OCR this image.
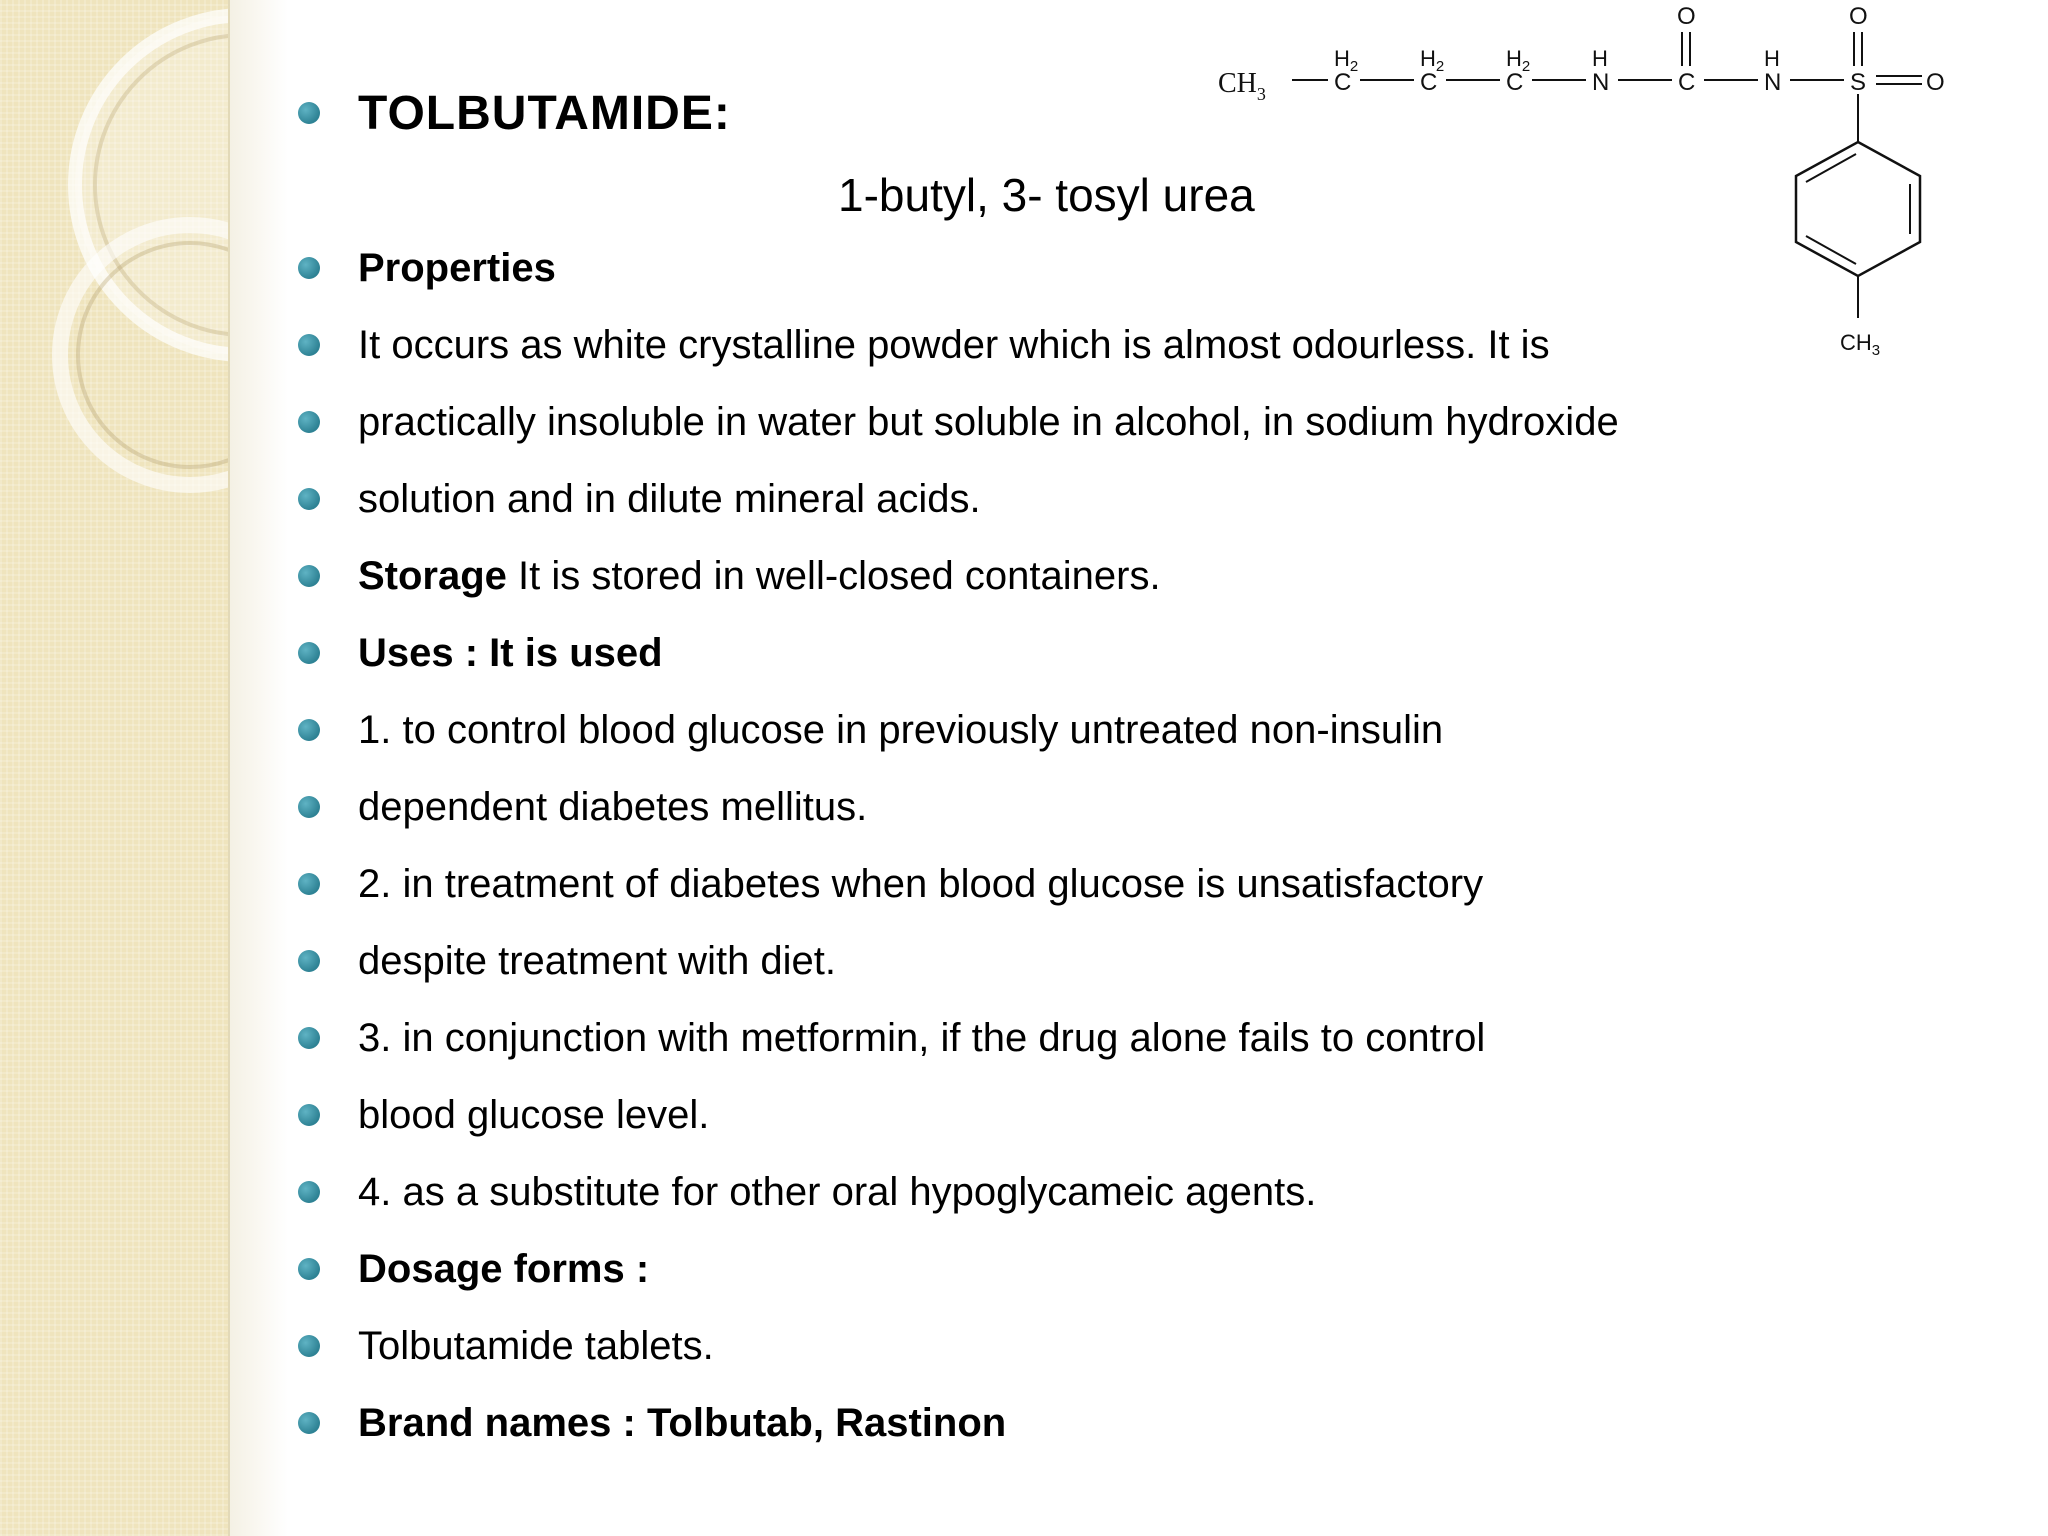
TOLBUTAMIDE:
1-butyl, 3- tosyl urea
$CH_3$
$H_2$
C
$H_2$
C
$H_2$
C
H
N	C
O
H
N	S
O
O
$CH_3$
Properties
It occurs as white crystalline powder which is almost odourless. It is
practically insoluble in water but soluble in alcohol, in sodium hydroxide
solution and in dilute mineral acids.
Storage It is stored in well-closed containers.
Uses : It is used
1. to control blood glucose in previously untreated non-insulin
dependent diabetes mellitus.
2. in treatment of diabetes when blood glucose is unsatisfactory
despite treatment with diet.
3. in conjunction with metformin, if the drug alone fails to control
blood glucose level.
4. as a substitute for other oral hypoglycameic agents.
Dosage forms :
Tolbutamide tablets.
Brand names : Tolbutab, Rastinon
